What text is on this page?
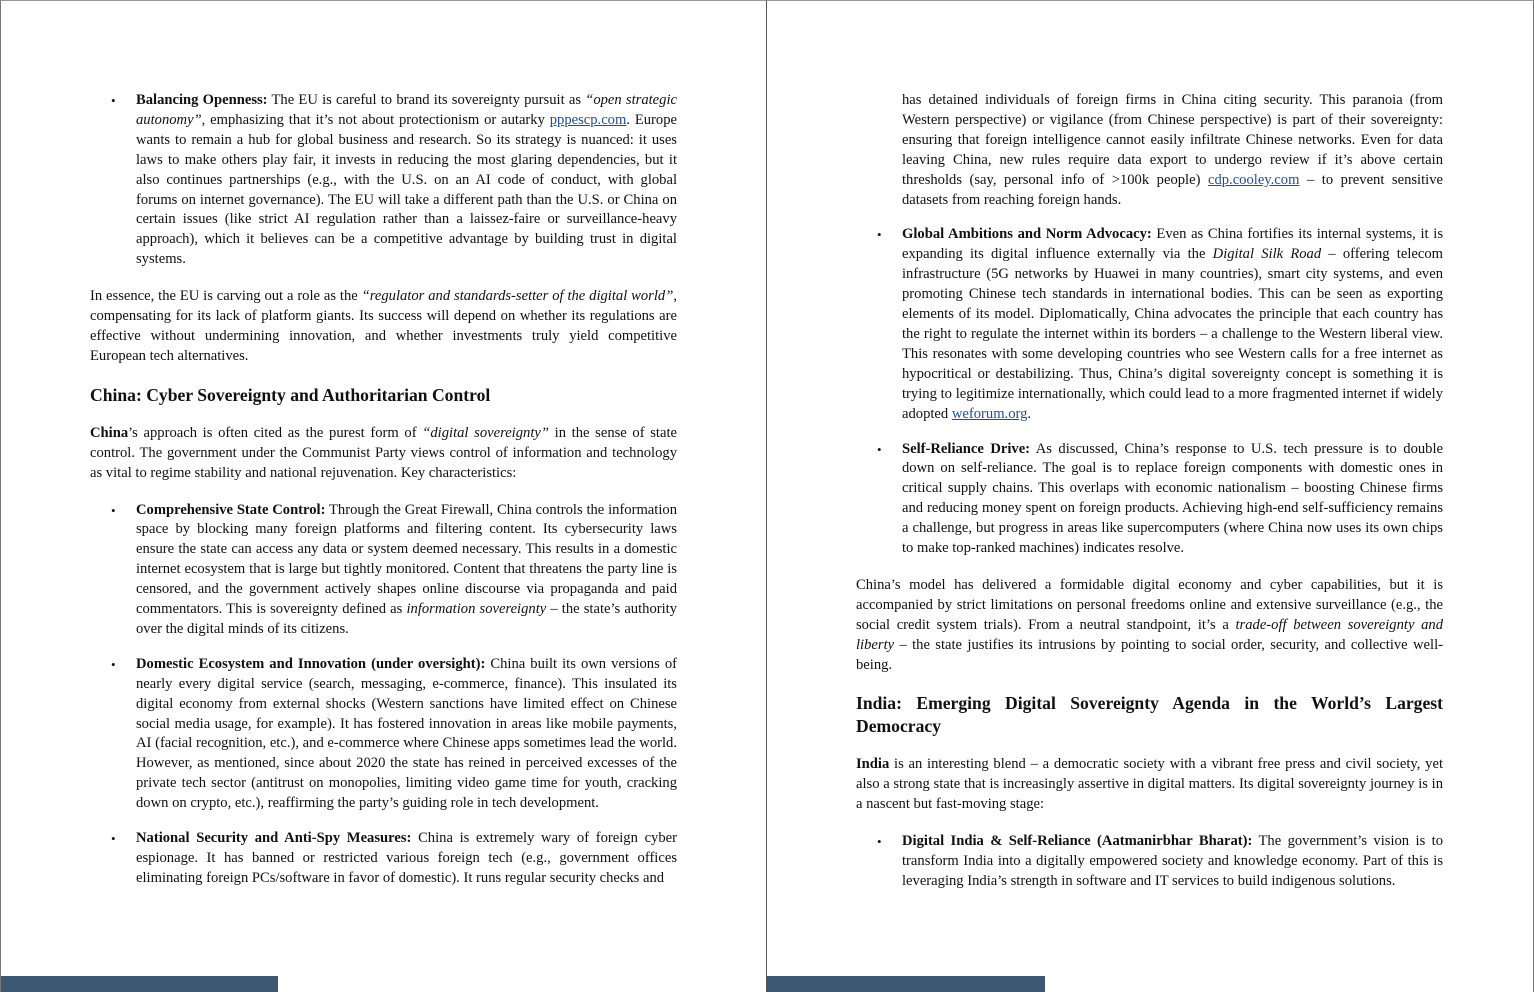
• Balancing Openness: The EU is careful to brand its sovereignty pursuit as “open strategic autonomy”, emphasizing that it’s not about protectionism or autarky pppescp.com. Europe wants to remain a hub for global business and research. So its strategy is nuanced: it uses laws to make others play fair, it invests in reducing the most glaring dependencies, but it also continues partnerships (e.g., with the U.S. on an AI code of conduct, with global forums on internet governance). The EU will take a different path than the U.S. or China on certain issues (like strict AI regulation rather than a laissez-faire or surveillance-heavy approach), which it believes can be a competitive advantage by building trust in digital systems.

In essence, the EU is carving out a role as the “regulator and standards-setter of the digital world”, compensating for its lack of platform giants. Its success will depend on whether its regulations are effective without undermining innovation, and whether investments truly yield competitive European tech alternatives.

China: Cyber Sovereignty and Authoritarian Control

China’s approach is often cited as the purest form of “digital sovereignty” in the sense of state control. The government under the Communist Party views control of information and technology as vital to regime stability and national rejuvenation. Key characteristics:

• Comprehensive State Control: Through the Great Firewall, China controls the information space by blocking many foreign platforms and filtering content. Its cybersecurity laws ensure the state can access any data or system deemed necessary. This results in a domestic internet ecosystem that is large but tightly monitored. Content that threatens the party line is censored, and the government actively shapes online discourse via propaganda and paid commentators. This is sovereignty defined as information sovereignty – the state’s authority over the digital minds of its citizens.
• Domestic Ecosystem and Innovation (under oversight): China built its own versions of nearly every digital service (search, messaging, e-commerce, finance). This insulated its digital economy from external shocks (Western sanctions have limited effect on Chinese social media usage, for example). It has fostered innovation in areas like mobile payments, AI (facial recognition, etc.), and e-commerce where Chinese apps sometimes lead the world. However, as mentioned, since about 2020 the state has reined in perceived excesses of the private tech sector (antitrust on monopolies, limiting video game time for youth, cracking down on crypto, etc.), reaffirming the party’s guiding role in tech development.
• National Security and Anti-Spy Measures: China is extremely wary of foreign cyber espionage. It has banned or restricted various foreign tech (e.g., government offices eliminating foreign PCs/software in favor of domestic). It runs regular security checks and
has detained individuals of foreign firms in China citing security. This paranoia (from Western perspective) or vigilance (from Chinese perspective) is part of their sovereignty: ensuring that foreign intelligence cannot easily infiltrate Chinese networks. Even for data leaving China, new rules require data export to undergo review if it’s above certain thresholds (say, personal info of >100k people) cdp.cooley.com – to prevent sensitive datasets from reaching foreign hands.
• Global Ambitions and Norm Advocacy: Even as China fortifies its internal systems, it is expanding its digital influence externally via the Digital Silk Road – offering telecom infrastructure (5G networks by Huawei in many countries), smart city systems, and even promoting Chinese tech standards in international bodies. This can be seen as exporting elements of its model. Diplomatically, China advocates the principle that each country has the right to regulate the internet within its borders – a challenge to the Western liberal view. This resonates with some developing countries who see Western calls for a free internet as hypocritical or destabilizing. Thus, China’s digital sovereignty concept is something it is trying to legitimize internationally, which could lead to a more fragmented internet if widely adopted weforum.org.
• Self-Reliance Drive: As discussed, China’s response to U.S. tech pressure is to double down on self-reliance. The goal is to replace foreign components with domestic ones in critical supply chains. This overlaps with economic nationalism – boosting Chinese firms and reducing money spent on foreign products. Achieving high-end self-sufficiency remains a challenge, but progress in areas like supercomputers (where China now uses its own chips to make top-ranked machines) indicates resolve.

China’s model has delivered a formidable digital economy and cyber capabilities, but it is accompanied by strict limitations on personal freedoms online and extensive surveillance (e.g., the social credit system trials). From a neutral standpoint, it’s a trade-off between sovereignty and liberty – the state justifies its intrusions by pointing to social order, security, and collective well-being.

India: Emerging Digital Sovereignty Agenda in the World’s Largest Democracy

India is an interesting blend – a democratic society with a vibrant free press and civil society, yet also a strong state that is increasingly assertive in digital matters. Its digital sovereignty journey is in a nascent but fast-moving stage:

• Digital India & Self-Reliance (Aatmanirbhar Bharat): The government’s vision is to transform India into a digitally empowered society and knowledge economy. Part of this is leveraging India’s strength in software and IT services to build indigenous solutions.
